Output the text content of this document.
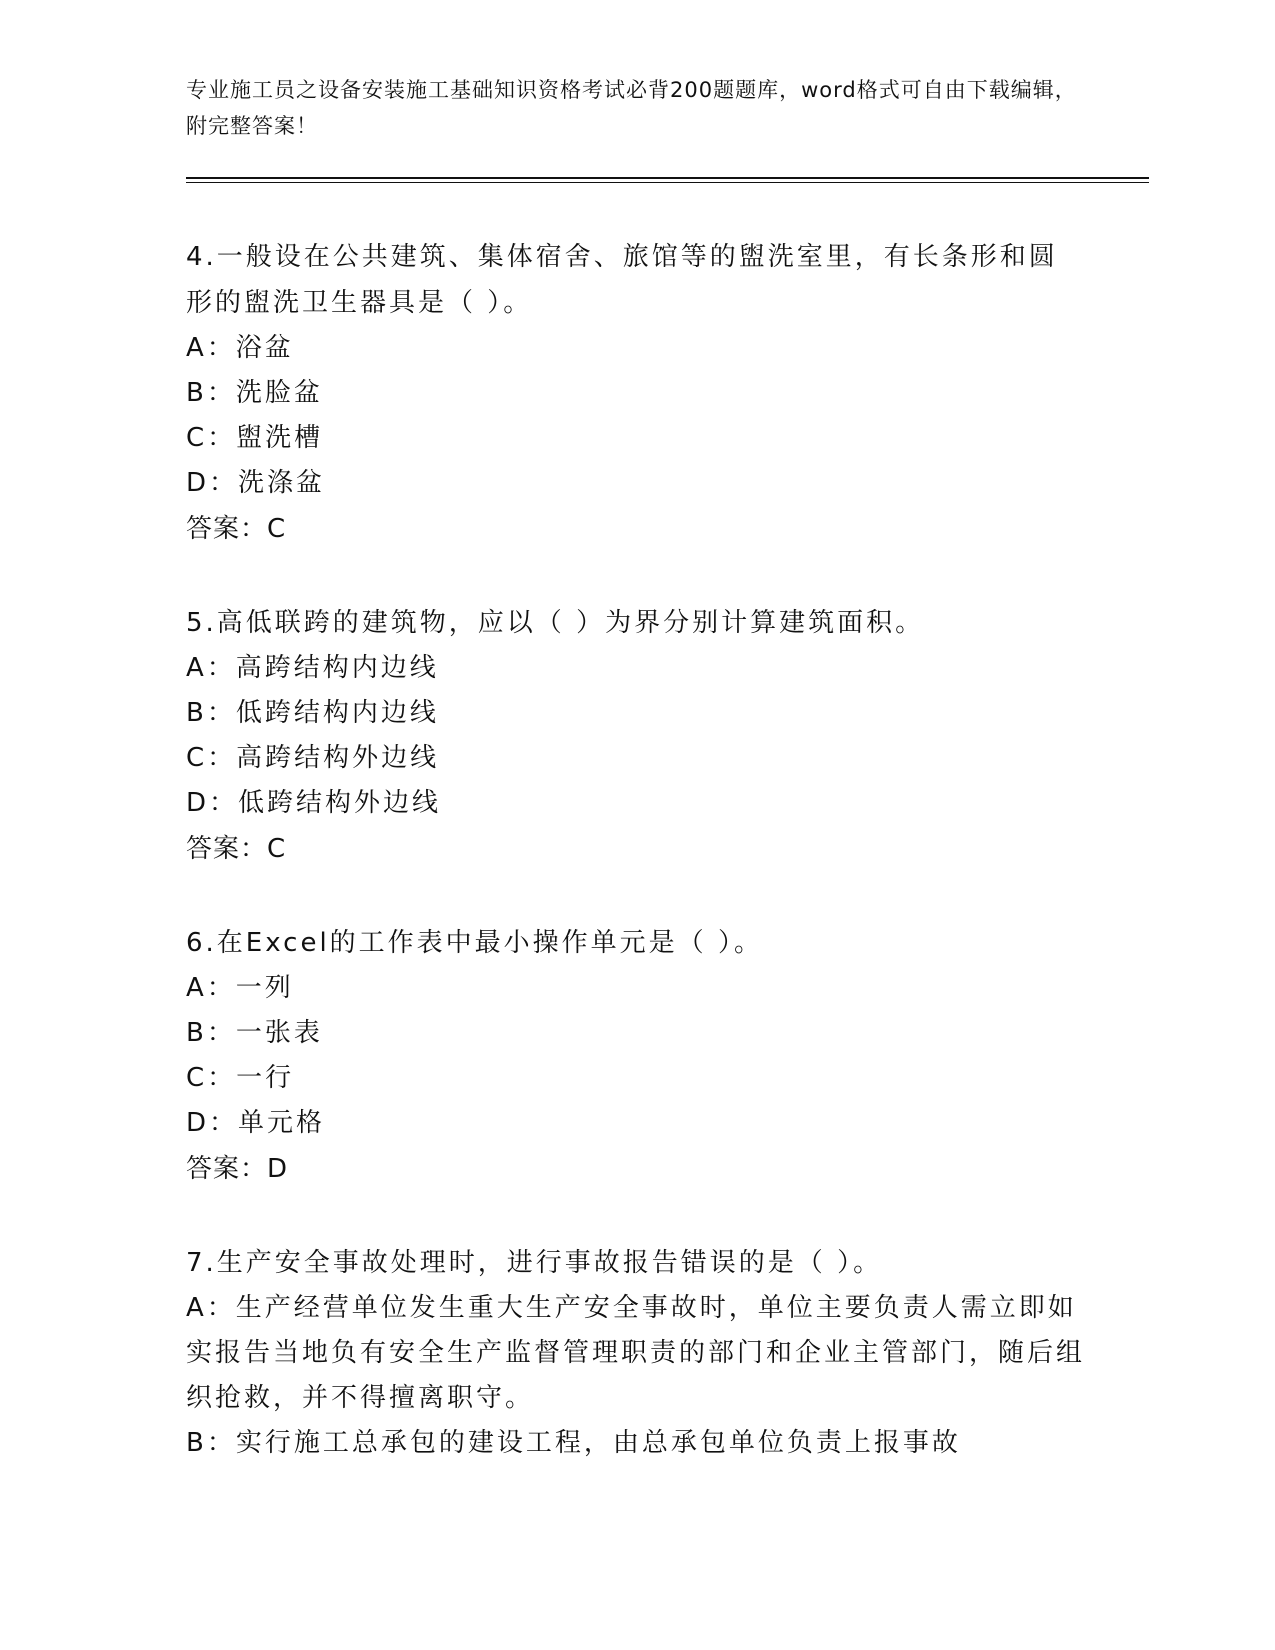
专业施工员之设备安装施工基础知识资格考试必背200题题库，word格式可自由下载编辑，附完整答案！
4.一般设在公共建筑、集体宿舍、旅馆等的盥洗室里，有长条形和圆形的盥洗卫生器具是（ ）。
A：浴盆
B：洗脸盆
C：盥洗槽
D：洗涤盆
答案：C
5.高低联跨的建筑物，应以（ ）为界分别计算建筑面积。
A：高跨结构内边线
B：低跨结构内边线
C：高跨结构外边线
D：低跨结构外边线
答案：C
6.在Excel的工作表中最小操作单元是（ ）。
A：一列
B：一张表
C：一行
D：单元格
答案：D
7.生产安全事故处理时，进行事故报告错误的是（ ）。
A：生产经营单位发生重大生产安全事故时，单位主要负责人需立即如实报告当地负有安全生产监督管理职责的部门和企业主管部门，随后组织抢救，并不得擅离职守。
B：实行施工总承包的建设工程，由总承包单位负责上报事故
